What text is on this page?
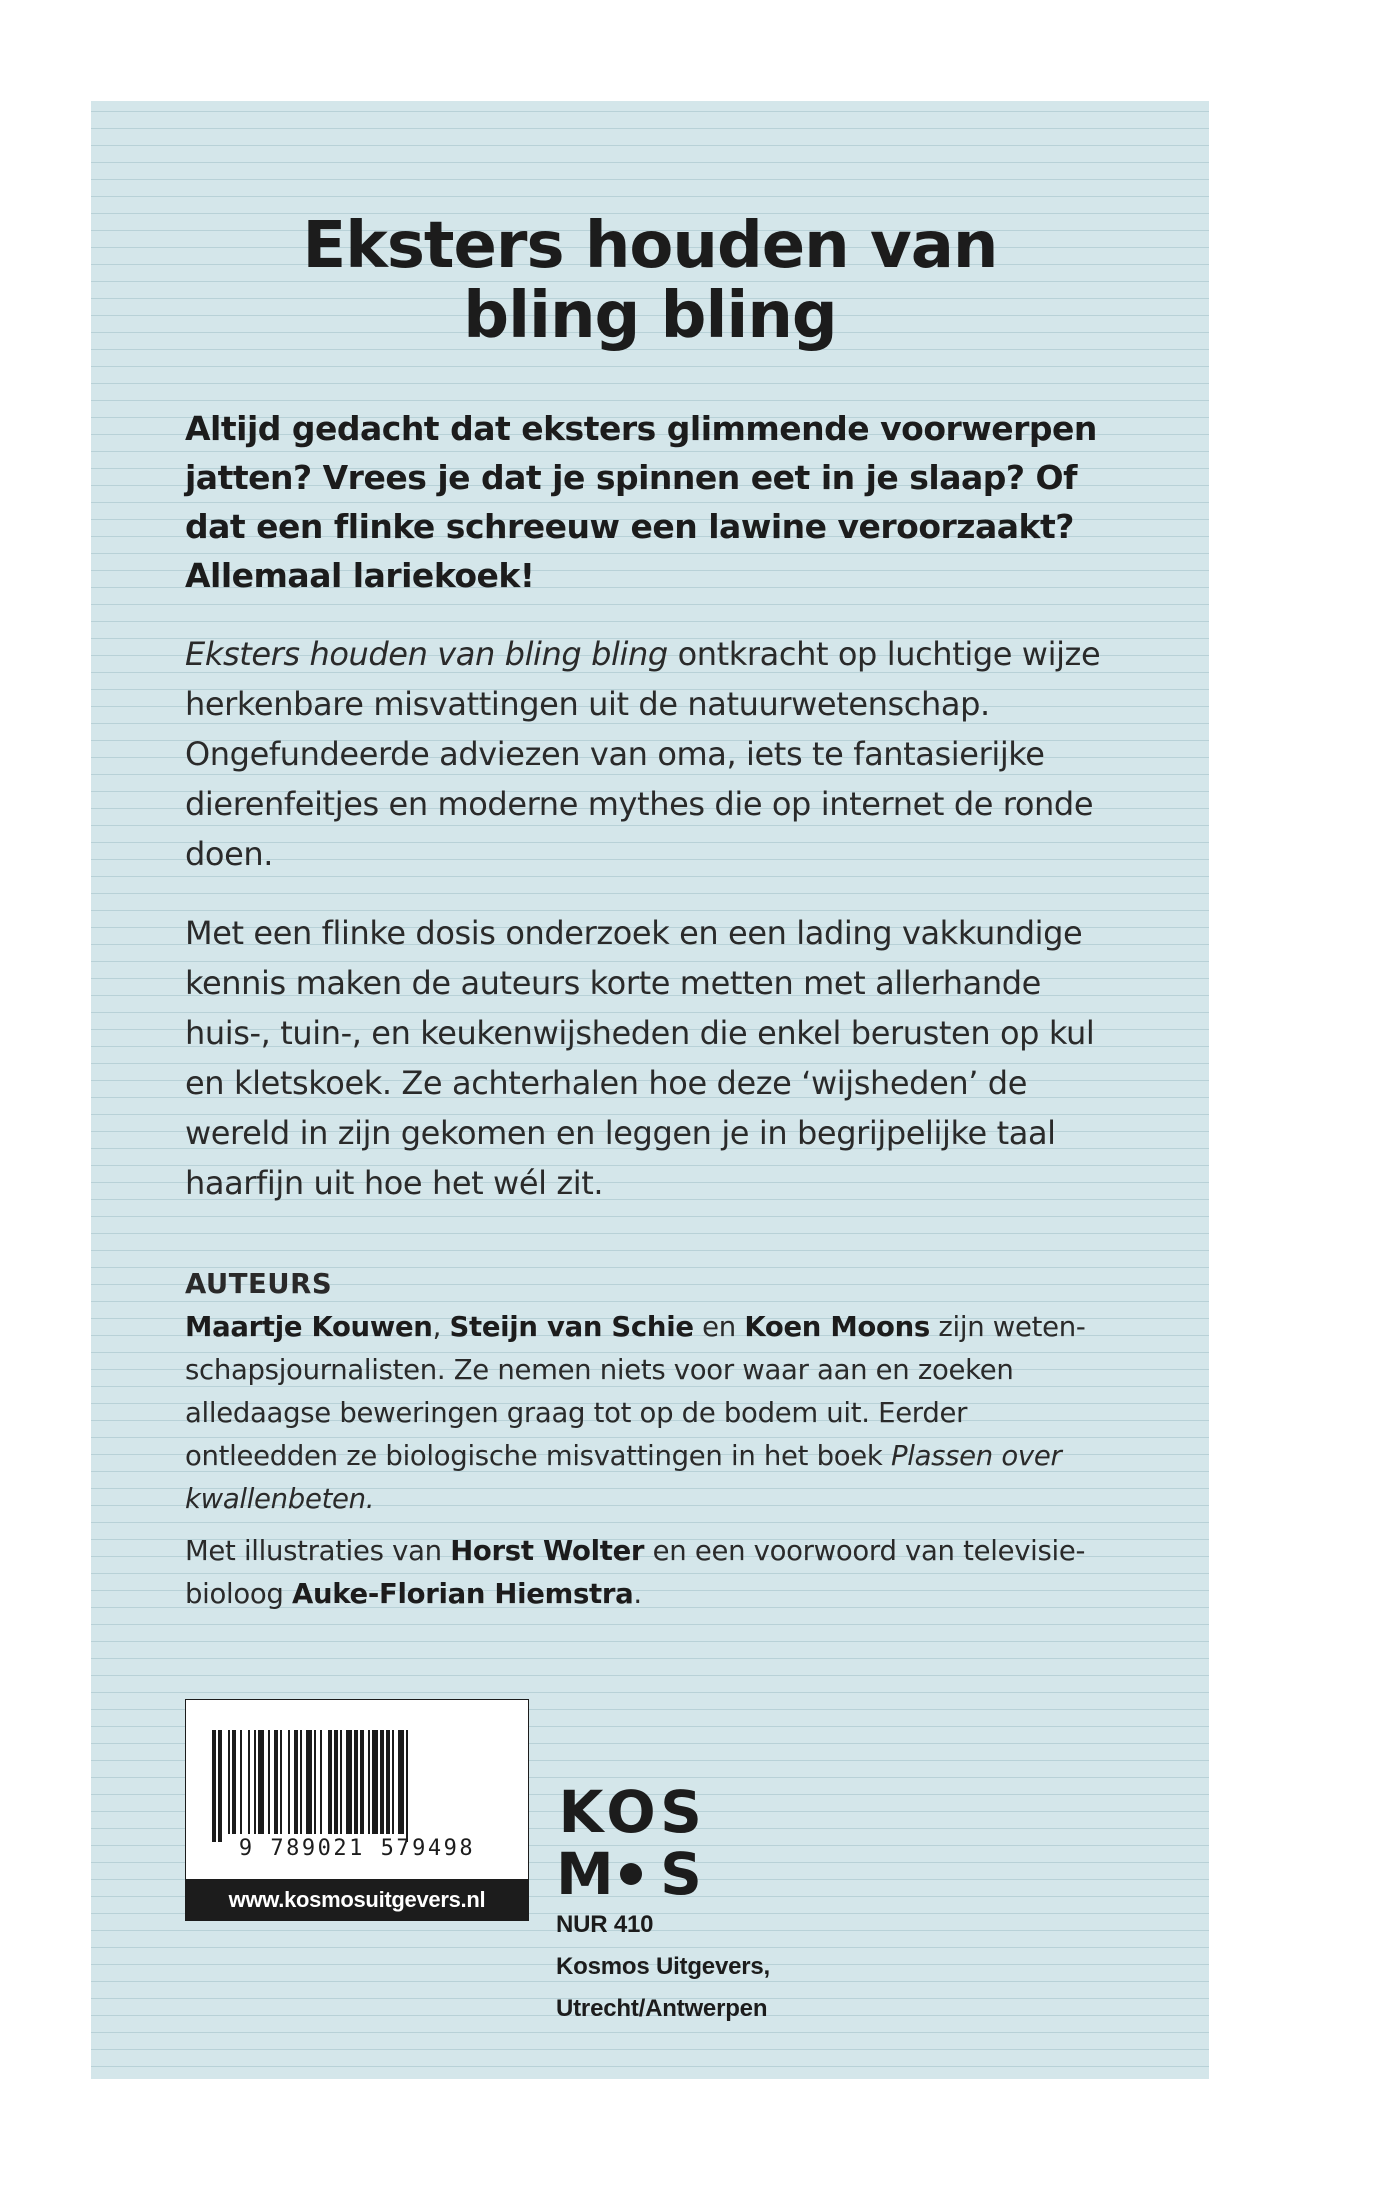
Eksters houden van
bling bling

Altijd gedacht dat eksters glimmende voorwerpen jatten? Vrees je dat je spinnen eet in je slaap? Of dat een flinke schreeuw een lawine veroorzaakt? Allemaal lariekoek!

Eksters houden van bling bling ontkracht op luchtige wijze herkenbare misvattingen uit de natuurwetenschap. Ongefundeerde adviezen van oma, iets te fantasierijke dierenfeitjes en moderne mythes die op internet de ronde doen.

Met een flinke dosis onderzoek en een lading vakkundige kennis maken de auteurs korte metten met allerhande huis-, tuin-, en keukenwijsheden die enkel berusten op kul en kletskoek. Ze achterhalen hoe deze ‘wijsheden’ de wereld in zijn gekomen en leggen je in begrijpelijke taal haarfijn uit hoe het wél zit.

AUTEURS

Maartje Kouwen, Steijn van Schie en Koen Moons zijn wetenschapsjournalisten. Ze nemen niets voor waar aan en zoeken alledaagse beweringen graag tot op de bodem uit. Eerder ontleedden ze biologische misvattingen in het boek Plassen over kwallenbeten.

Met illustraties van Horst Wolter en een voorwoord van televisiebioloog Auke-Florian Hiemstra.

9 789021 579498
www.kosmosuitgevers.nl
K O S
M S
NUR 410
Kosmos Uitgevers,
Utrecht/Antwerpen
